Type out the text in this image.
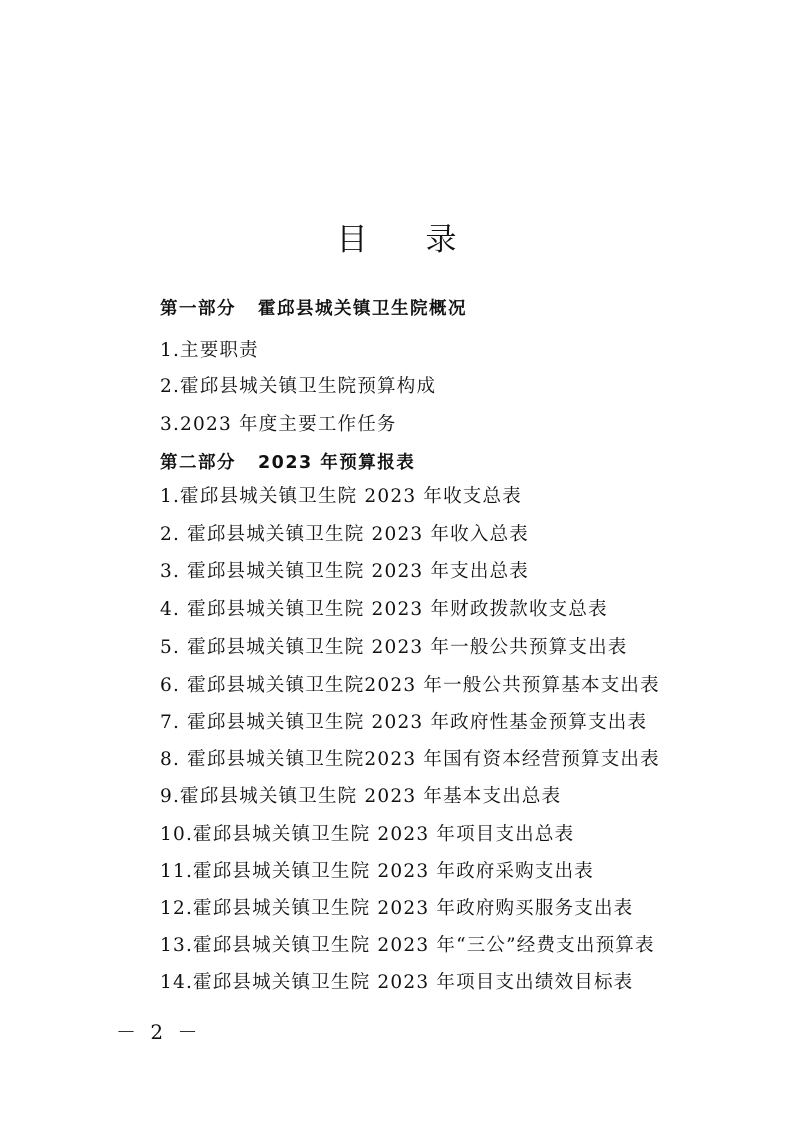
目 录
第一部分 霍邱县城关镇卫生院概况
1.主要职责
2.霍邱县城关镇卫生院预算构成
3.2023 年度主要工作任务
第二部分 2023 年预算报表
1.霍邱县城关镇卫生院 2023 年收支总表
2. 霍邱县城关镇卫生院 2023 年收入总表
3. 霍邱县城关镇卫生院 2023 年支出总表
4. 霍邱县城关镇卫生院 2023 年财政拨款收支总表
5. 霍邱县城关镇卫生院 2023 年一般公共预算支出表
6. 霍邱县城关镇卫生院2023 年一般公共预算基本支出表
7. 霍邱县城关镇卫生院 2023 年政府性基金预算支出表
8. 霍邱县城关镇卫生院2023 年国有资本经营预算支出表
9.霍邱县城关镇卫生院 2023 年基本支出总表
10.霍邱县城关镇卫生院 2023 年项目支出总表
11.霍邱县城关镇卫生院 2023 年政府采购支出表
12.霍邱县城关镇卫生院 2023 年政府购买服务支出表
13.霍邱县城关镇卫生院 2023 年“三公”经费支出预算表
14.霍邱县城关镇卫生院 2023 年项目支出绩效目标表
－ 2 －
